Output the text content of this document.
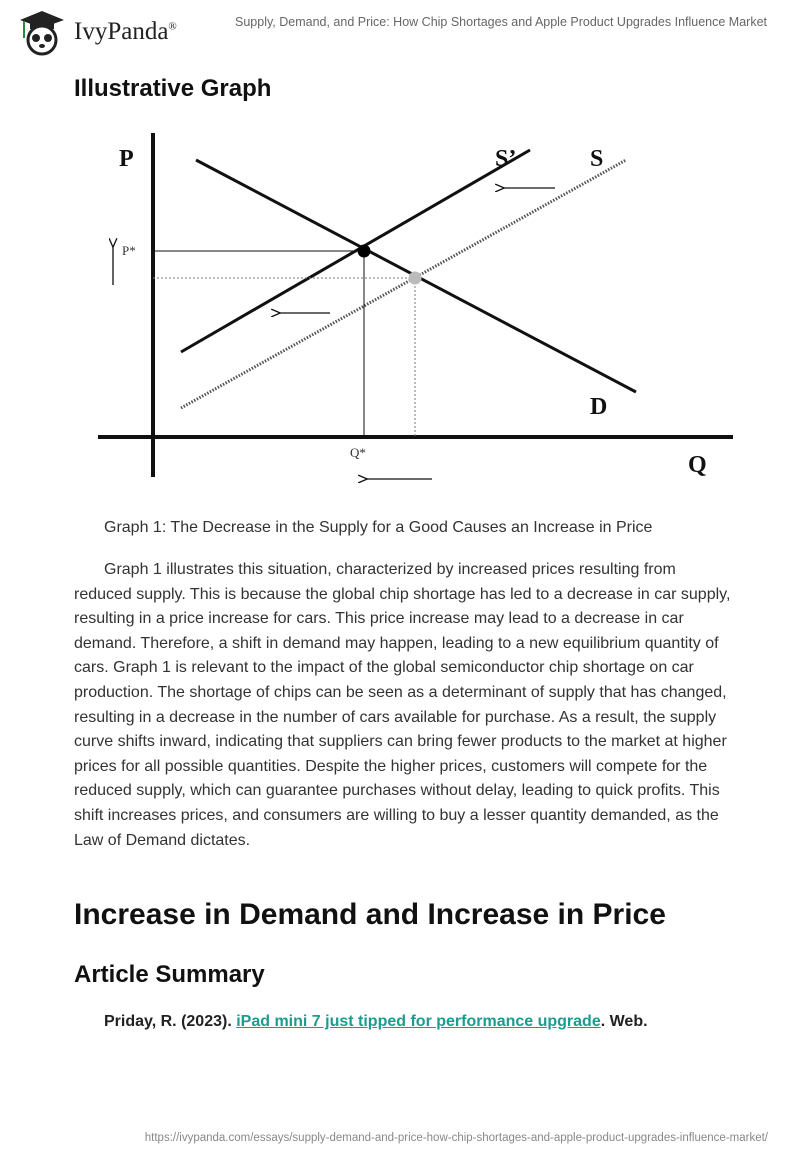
IvyPanda®	Supply, Demand, and Price: How Chip Shortages and Apple Product Upgrades Influence Market
Illustrative Graph
P
Q
S’	S
D
P*
Q*
Graph 1: The Decrease in the Supply for a Good Causes an Increase in Price

Graph 1 illustrates this situation, characterized by increased prices resulting from reduced supply. This is because the global chip shortage has led to a decrease in car supply, resulting in a price increase for cars. This price increase may lead to a decrease in car demand. Therefore, a shift in demand may happen, leading to a new equilibrium quantity of cars. Graph 1 is relevant to the impact of the global semiconductor chip shortage on car production. The shortage of chips can be seen as a determinant of supply that has changed, resulting in a decrease in the number of cars available for purchase. As a result, the supply curve shifts inward, indicating that suppliers can bring fewer products to the market at higher prices for all possible quantities. Despite the higher prices, customers will compete for the reduced supply, which can guarantee purchases without delay, leading to quick profits. This shift increases prices, and consumers are willing to buy a lesser quantity demanded, as the Law of Demand dictates.

Increase in Demand and Increase in Price
Article Summary
Priday, R. (2023). iPad mini 7 just tipped for performance upgrade. Web.
https://ivypanda.com/essays/supply-demand-and-price-how-chip-shortages-and-apple-product-upgrades-influence-market/
